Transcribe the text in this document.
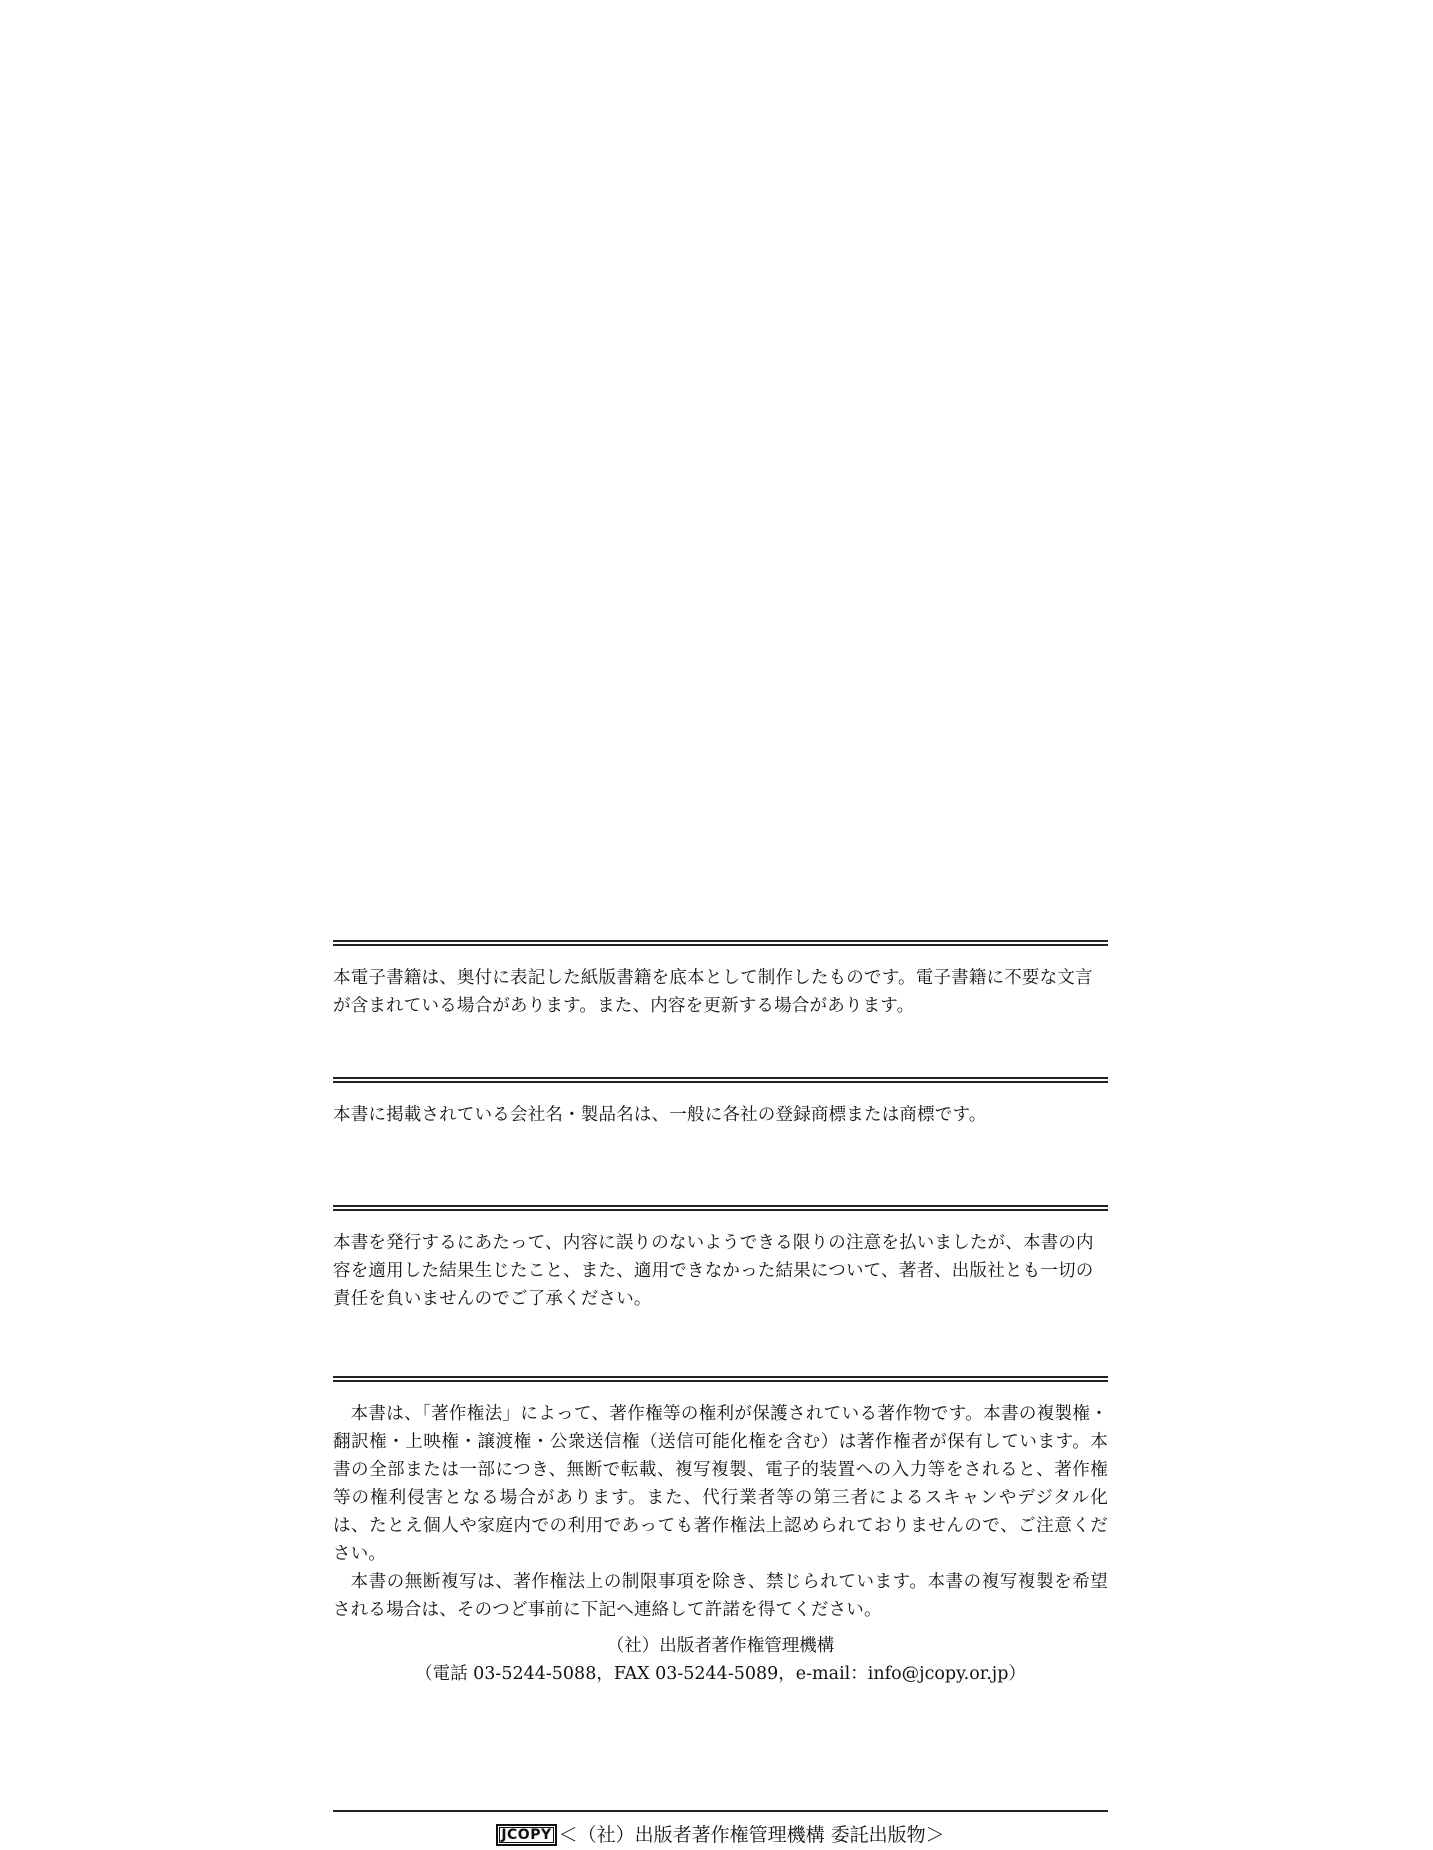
本電子書籍は、奥付に表記した紙版書籍を底本として制作したものです。電子書籍に不要な文言が含まれている場合があります。また、内容を更新する場合があります。

本書に掲載されている会社名・製品名は、一般に各社の登録商標または商標です。

本書を発行するにあたって、内容に誤りのないようできる限りの注意を払いましたが、本書の内容を適用した結果生じたこと、また、適用できなかった結果について、著者、出版社とも一切の責任を負いませんのでご了承ください。

本書は、「著作権法」によって、著作権等の権利が保護されている著作物です。本書の複製権・翻訳権・上映権・譲渡権・公衆送信権（送信可能化権を含む）は著作権者が保有しています。本書の全部または一部につき、無断で転載、複写複製、電子的装置への入力等をされると、著作権等の権利侵害となる場合があります。また、代行業者等の第三者によるスキャンやデジタル化は、たとえ個人や家庭内での利用であっても著作権法上認められておりませんので、ご注意ください。

本書の無断複写は、著作権法上の制限事項を除き、禁じられています。本書の複写複製を希望される場合は、そのつど事前に下記へ連絡して許諾を得てください。

（社）出版者著作権管理機構

（電話 03-5244-5088，FAX 03-5244-5089，e-mail：info@jcopy.or.jp）

JCOPY ＜（社）出版者著作権管理機構 委託出版物＞
